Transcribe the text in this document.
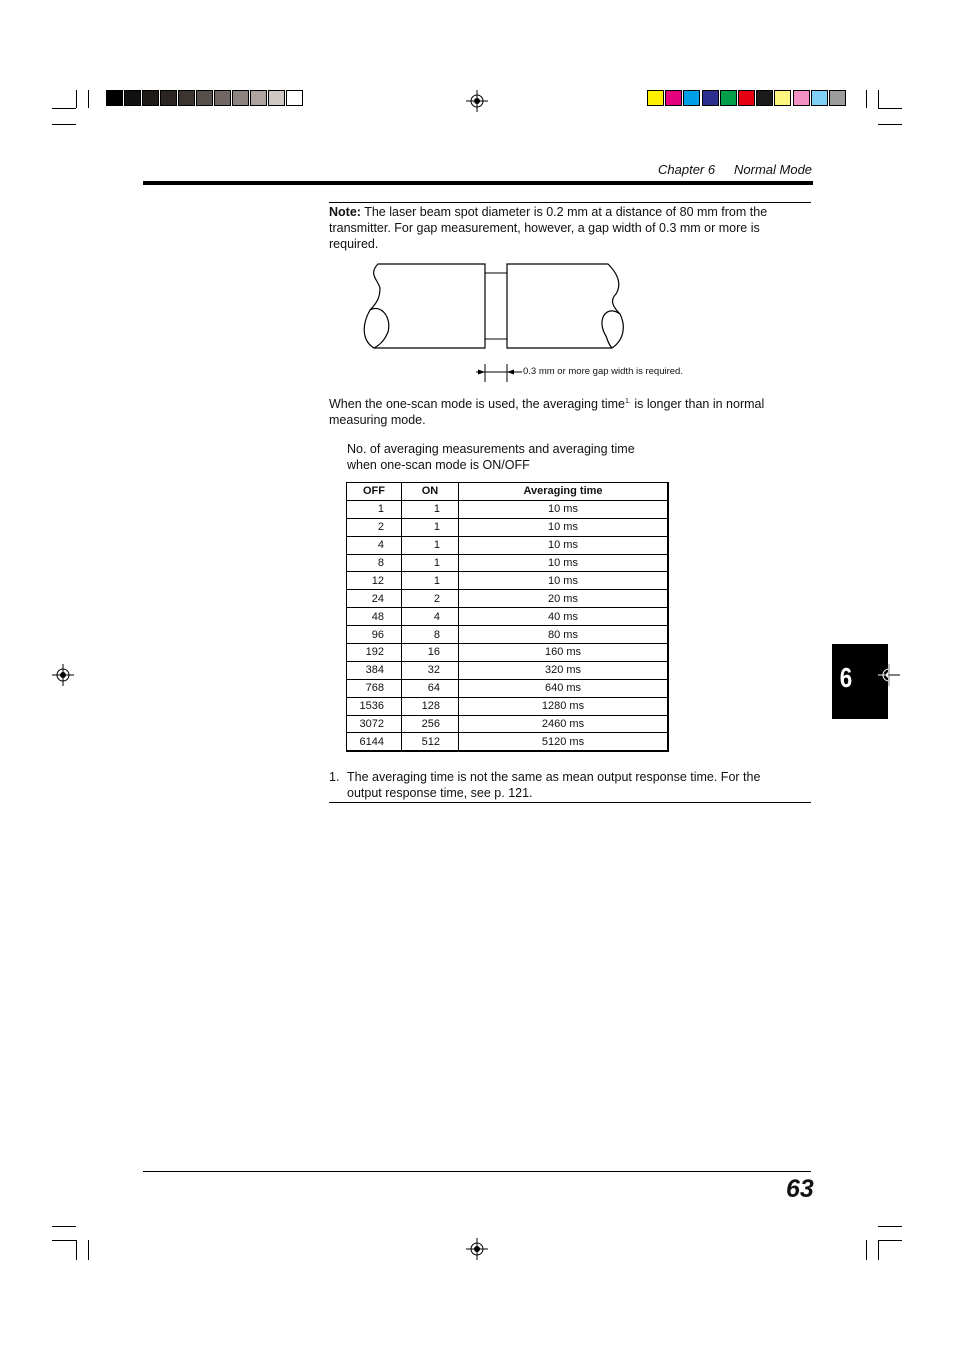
Chapter 6 Normal Mode
Note: The laser beam spot diameter is 0.2 mm at a distance of 80 mm from the transmitter. For gap measurement, however, a gap width of 0.3 mm or more is required.
0.3 mm or more gap width is required.
When the one-scan mode is used, the averaging time$^{1.}$ is longer than in normal measuring mode.
No. of averaging measurements and averaging time
when one-scan mode is ON/OFF
OFF	ON	Averaging time
1	1	10 ms
2	1	10 ms
4	1	10 ms
8	1	10 ms
12	1	10 ms
24	2	20 ms
48	4	40 ms
96	8	80 ms
192	16	160 ms
384	32	320 ms
768	64	640 ms
1536	128	1280 ms
3072	256	2460 ms
6144	512	5120 ms
1. The averaging time is not the same as mean output response time. For the
output response time, see p. 121.
6
63
